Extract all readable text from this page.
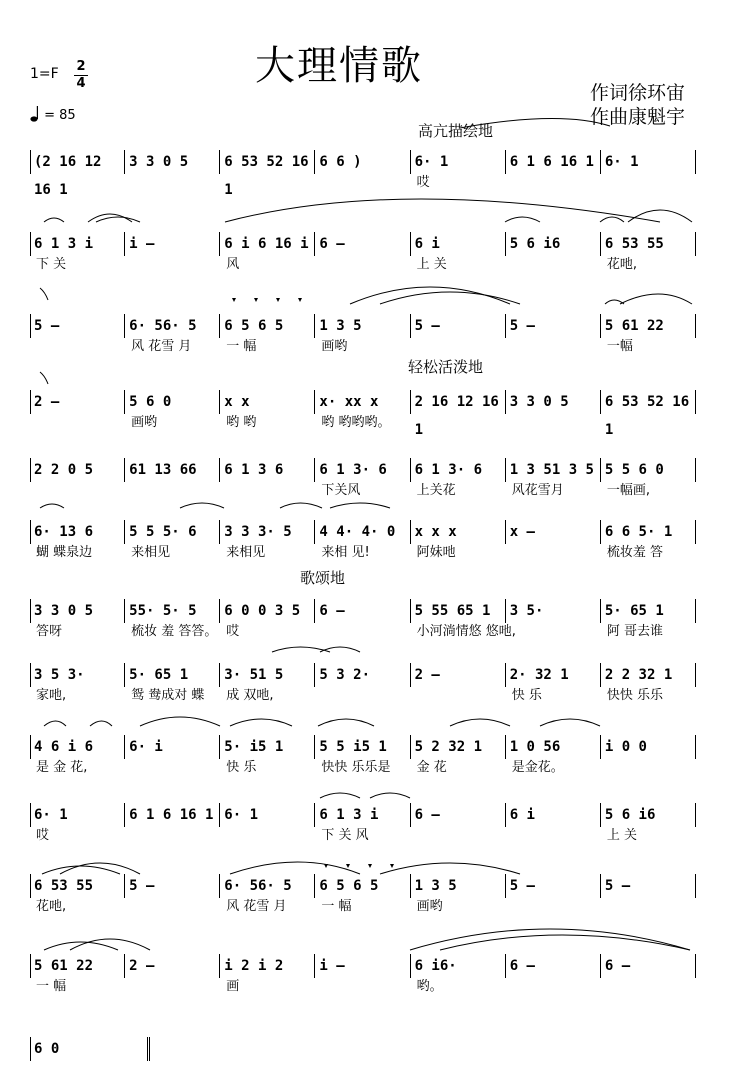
大理情歌
1=F 2
4
= 85
作词徐环宙
作曲康魁宇
高亢描绘地
轻松活泼地
歌颂地
(2 16 12 16 1
3 3 0 5	6 53 52 16 1
6 6 )	6· 1	6 1 6 16 1 6· 1
哎
6 1 3 i	i –	6 i 6 16 i 6 –	6 i	5 6 i6	6 53 55
下 关	风	上 关	花吔,
5 –	6· 56· 5 6 5 6 5	1 3 5	5 –	5 –	5 61 22
风 花雪 月	一 幅	画哟	一幅
2 –	5 6 0	x x	x· xx x	2 16 12 16 1
3 3 0 5	6 53 52 16 1
画哟	哟 哟	哟 哟哟哟。
2 2 0 5	61 13 66 6 1 3 6	6 1 3· 6 6 1 3· 6 1 3 51 3 5 5 5 6 0
下关风	上关花	风花雪月	一幅画,
6· 13 6	5 5 5· 6 3 3 3· 5 4 4· 4· 0 x x x	x –	6 6 5· 1
蝴 蝶泉边	来相见	来相见	来相 见!	阿妹吔	梳妆羞 答
3 3 0 5	55· 5· 5 6 0 0 3 5 6 –	5 55 65 1 3 5·	5· 65 1
答呀	梳妆 羞 答答。 哎	小河淌情悠 悠吔,	阿 哥去谁
3 5 3·	5· 65 1	3· 51 5	5 3 2·	2 –	2· 32 1	2 2 32 1
家吔,	鸳 鸯成对 蝶 成 双吔,	快 乐	快快 乐乐
4 6 i 6	6· i	5· i5 1	5 5 i5 1 5 2 32 1 1 0 56	i 0 0
是 金 花,	快 乐	快快 乐乐是 金 花	是金花。
6· 1	6 1 6 16 1 6· 1	6 1 3 i	6 –	6 i	5 6 i6
哎	下 关 风	上 关
6 53 55	5 –	6· 56· 5 6 5 6 5	1 3 5	5 –	5 –
花吔,	风 花雪 月	一 幅	画哟
5 61 22	2 –	i 2 i 2	i –	6 i6·	6 –	6 –
一 幅	画	哟。
6 0
